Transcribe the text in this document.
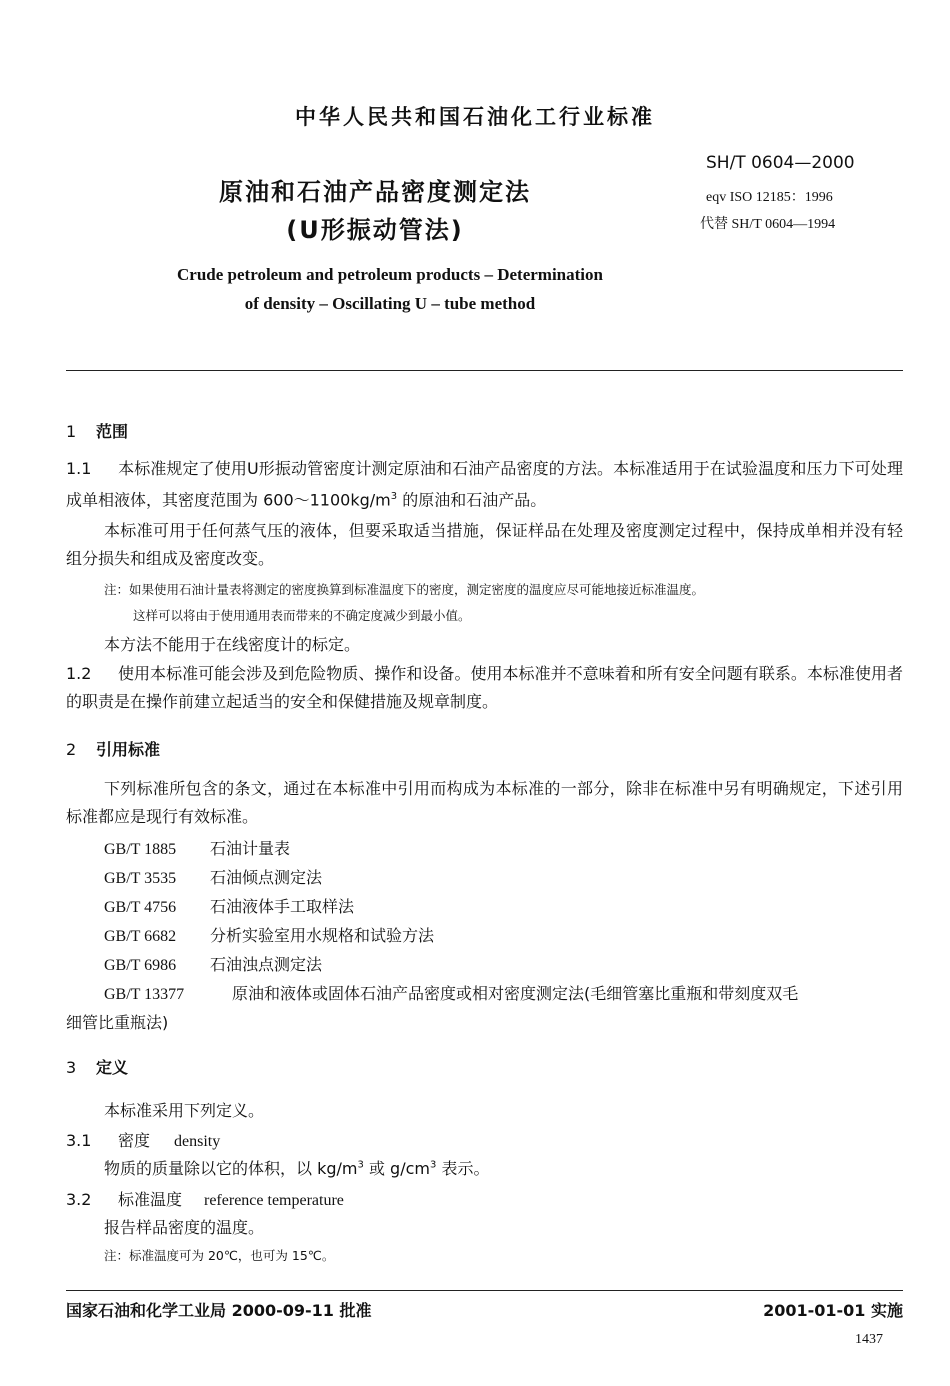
中华人民共和国石油化工行业标准
原油和石油产品密度测定法
(U形振动管法)
SH/T 0604—2000
eqv ISO 12185：1996
代替 SH/T 0604—1994
Crude petroleum and petroleum products – Determination
of density – Oscillating U – tube method
1 范围
1.1 本标准规定了使用U形振动管密度计测定原油和石油产品密度的方法。本标准适用于在试验温度和压力下可处理成单相液体，其密度范围为 $600\sim 1100kg/m^3$ 的原油和石油产品。
本标准可用于任何蒸气压的液体，但要采取适当措施，保证样品在处理及密度测定过程中，保持成单相并没有轻组分损失和组成及密度改变。
注：如果使用石油计量表将测定的密度换算到标准温度下的密度，测定密度的温度应尽可能地接近标准温度。
这样可以将由于使用通用表而带来的不确定度减少到最小值。
本方法不能用于在线密度计的标定。
1.2 使用本标准可能会涉及到危险物质、操作和设备。使用本标准并不意味着和所有安全问题有联系。本标准使用者的职责是在操作前建立起适当的安全和保健措施及规章制度。
2 引用标准
下列标准所包含的条文，通过在本标准中引用而构成为本标准的一部分，除非在标准中另有明确规定，下述引用标准都应是现行有效标准。
GB/T 1885 石油计量表
GB/T 3535 石油倾点测定法
GB/T 4756 石油液体手工取样法
GB/T 6682 分析实验室用水规格和试验方法
GB/T 6986 石油浊点测定法
GB/T 13377	原油和液体或固体石油产品密度或相对密度测定法(毛细管塞比重瓶和带刻度双毛
细管比重瓶法)
3 定义
本标准采用下列定义。
3.1 密度 density
物质的质量除以它的体积，以 $kg/m^3$ 或 $g/cm^3$ 表示。
3.2 标准温度 reference temperature
报告样品密度的温度。
注：标准温度可为 20℃，也可为 15℃。
国家石油和化学工业局 2000-09-11 批准	2001-01-01 实施
1437
